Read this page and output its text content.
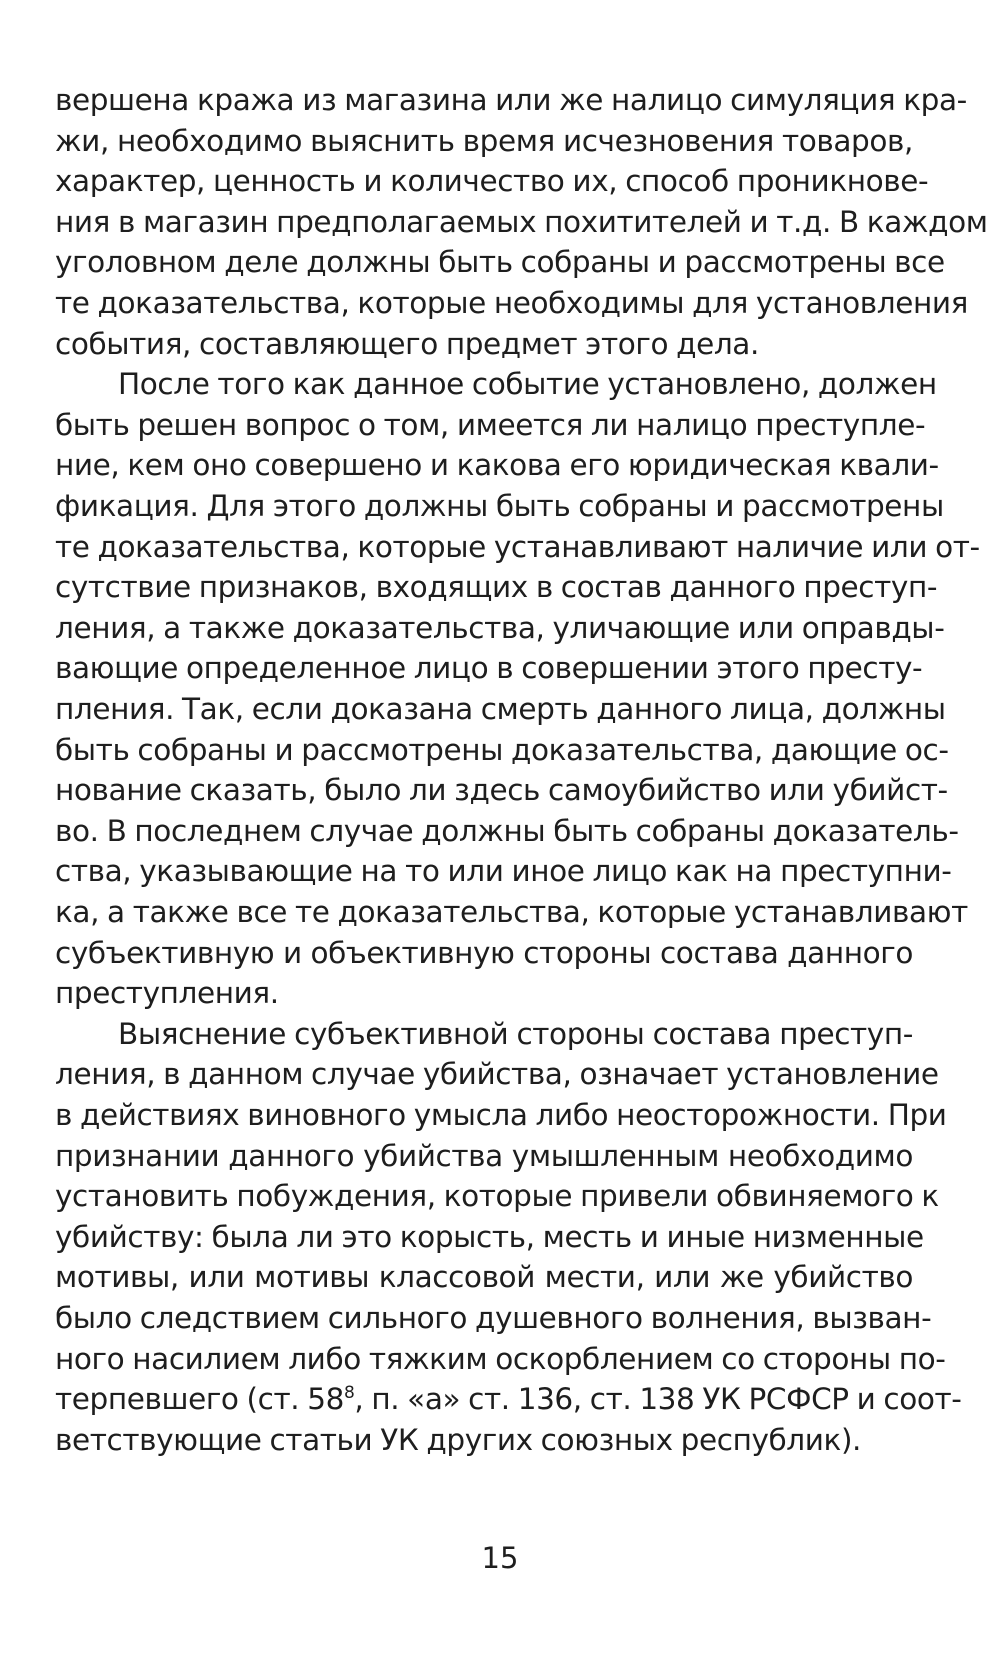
вершена кража из магазина или же налицо симуляция кра-
жи, необходимо выяснить время исчезновения товаров,
характер, ценность и количество их, способ проникнове-
ния в магазин предполагаемых похитителей и т.д. В каждом
уголовном деле должны быть собраны и рассмотрены все
те доказательства, которые необходимы для установления
события, составляющего предмет этого дела.
После того как данное событие установлено, должен
быть решен вопрос о том, имеется ли налицо преступле-
ние, кем оно совершено и какова его юридическая квали-
фикация. Для этого должны быть собраны и рассмотрены
те доказательства, которые устанавливают наличие или от-
сутствие признаков, входящих в состав данного преступ-
ления, а также доказательства, уличающие или оправды-
вающие определенное лицо в совершении этого престу-
пления. Так, если доказана смерть данного лица, должны
быть собраны и рассмотрены доказательства, дающие ос-
нование сказать, было ли здесь самоубийство или убийст-
во. В последнем случае должны быть собраны доказатель-
ства, указывающие на то или иное лицо как на преступни-
ка, а также все те доказательства, которые устанавливают
субъективную и объективную стороны состава данного
преступления.
Выяснение субъективной стороны состава преступ-
ления, в данном случае убийства, означает установление
в действиях виновного умысла либо неосторожности. При
признании данного убийства умышленным необходимо
установить побуждения, которые привели обвиняемого к
убийству: была ли это корысть, месть и иные низменные
мотивы, или мотивы классовой мести, или же убийство
было следствием сильного душевного волнения, вызван-
ного насилием либо тяжким оскорблением со стороны по-
терпевшего (ст. $58^8$, п. «а» ст. 136, ст. 138 УК РСФСР и соот-
ветствующие статьи УК других союзных республик).
15
